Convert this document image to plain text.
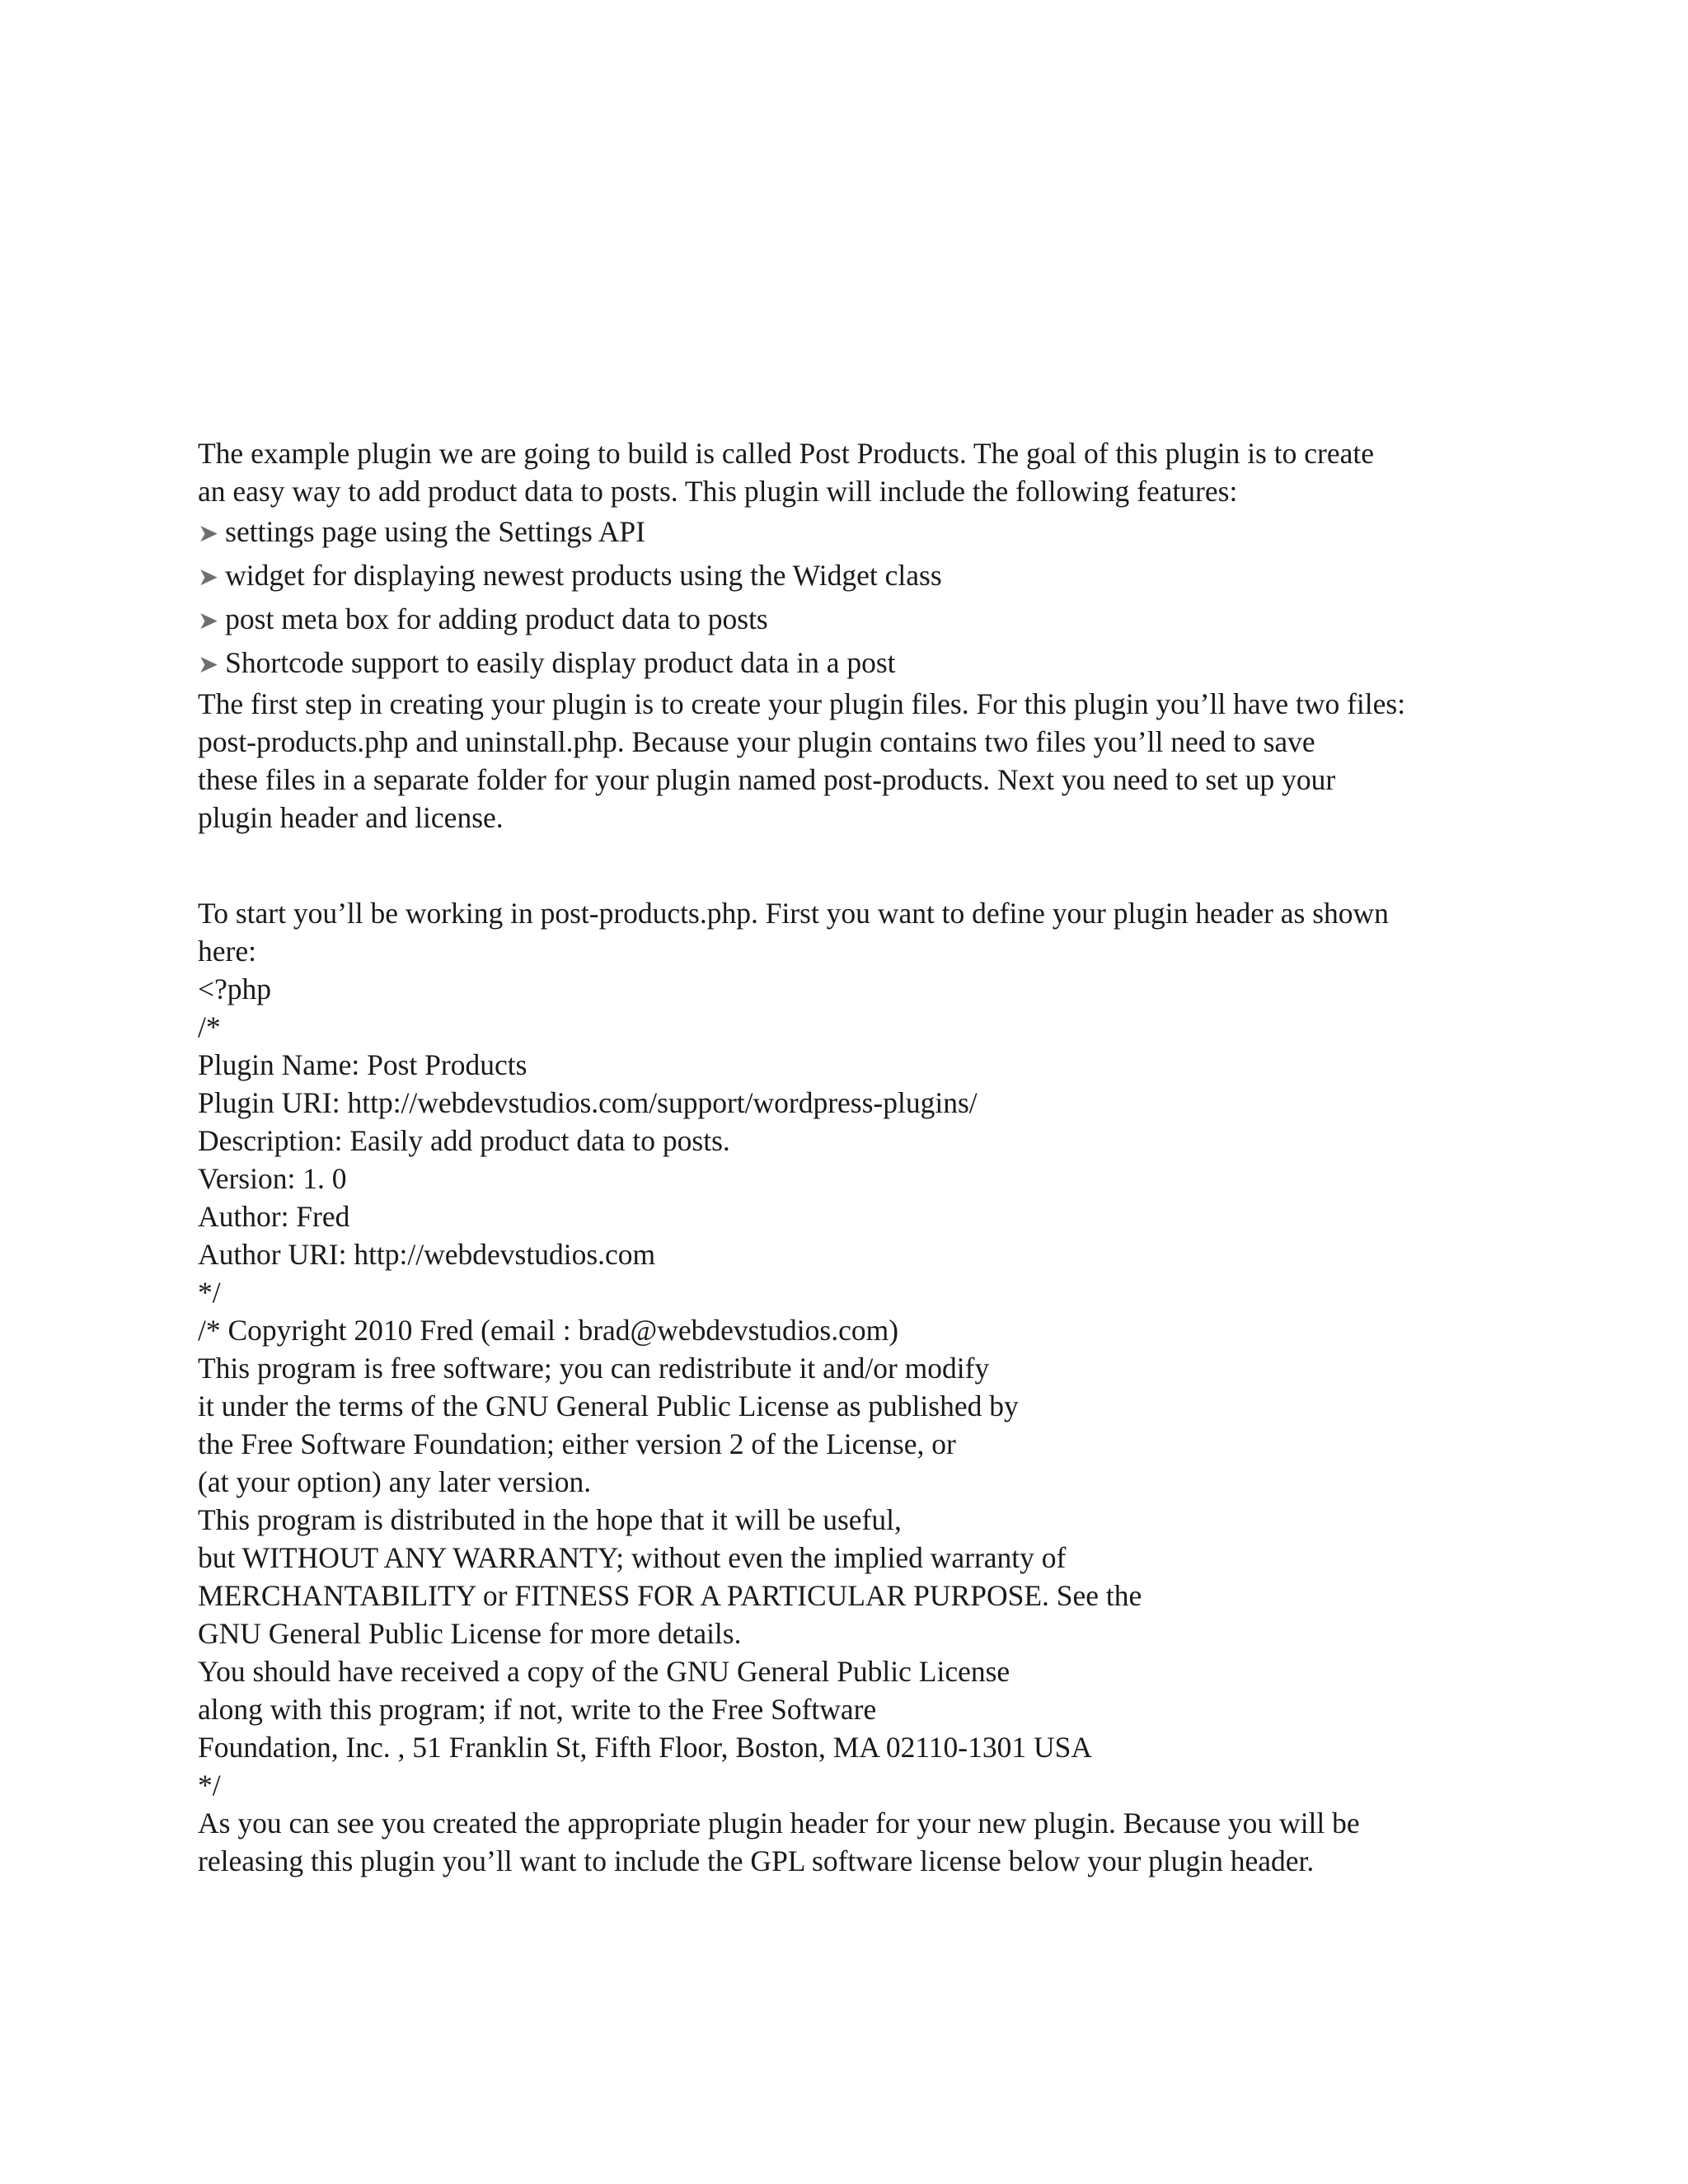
The example plugin we are going to build is called Post Products. The goal of this plugin is to create
an easy way to add product data to posts. This plugin will include the following features:
➤ settings page using the Settings API
➤ widget for displaying newest products using the Widget class
➤ post meta box for adding product data to posts
➤ Shortcode support to easily display product data in a post
The first step in creating your plugin is to create your plugin files. For this plugin you’ll have two files:
post-products.php and uninstall.php. Because your plugin contains two files you’ll need to save
these files in a separate folder for your plugin named post-products. Next you need to set up your
plugin header and license.
To start you’ll be working in post-products.php. First you want to define your plugin header as shown
here:
<?php
/*
Plugin Name: Post Products
Plugin URI: http://webdevstudios.com/support/wordpress-plugins/
Description: Easily add product data to posts.
Version: 1. 0
Author: Fred
Author URI: http://webdevstudios.com
*/
/* Copyright 2010 Fred (email : brad@webdevstudios.com)
This program is free software; you can redistribute it and/or modify
it under the terms of the GNU General Public License as published by
the Free Software Foundation; either version 2 of the License, or
(at your option) any later version.
This program is distributed in the hope that it will be useful,
but WITHOUT ANY WARRANTY; without even the implied warranty of
MERCHANTABILITY or FITNESS FOR A PARTICULAR PURPOSE. See the
GNU General Public License for more details.
You should have received a copy of the GNU General Public License
along with this program; if not, write to the Free Software
Foundation, Inc. , 51 Franklin St, Fifth Floor, Boston, MA 02110-1301 USA
*/
As you can see you created the appropriate plugin header for your new plugin. Because you will be
releasing this plugin you’ll want to include the GPL software license below your plugin header.
